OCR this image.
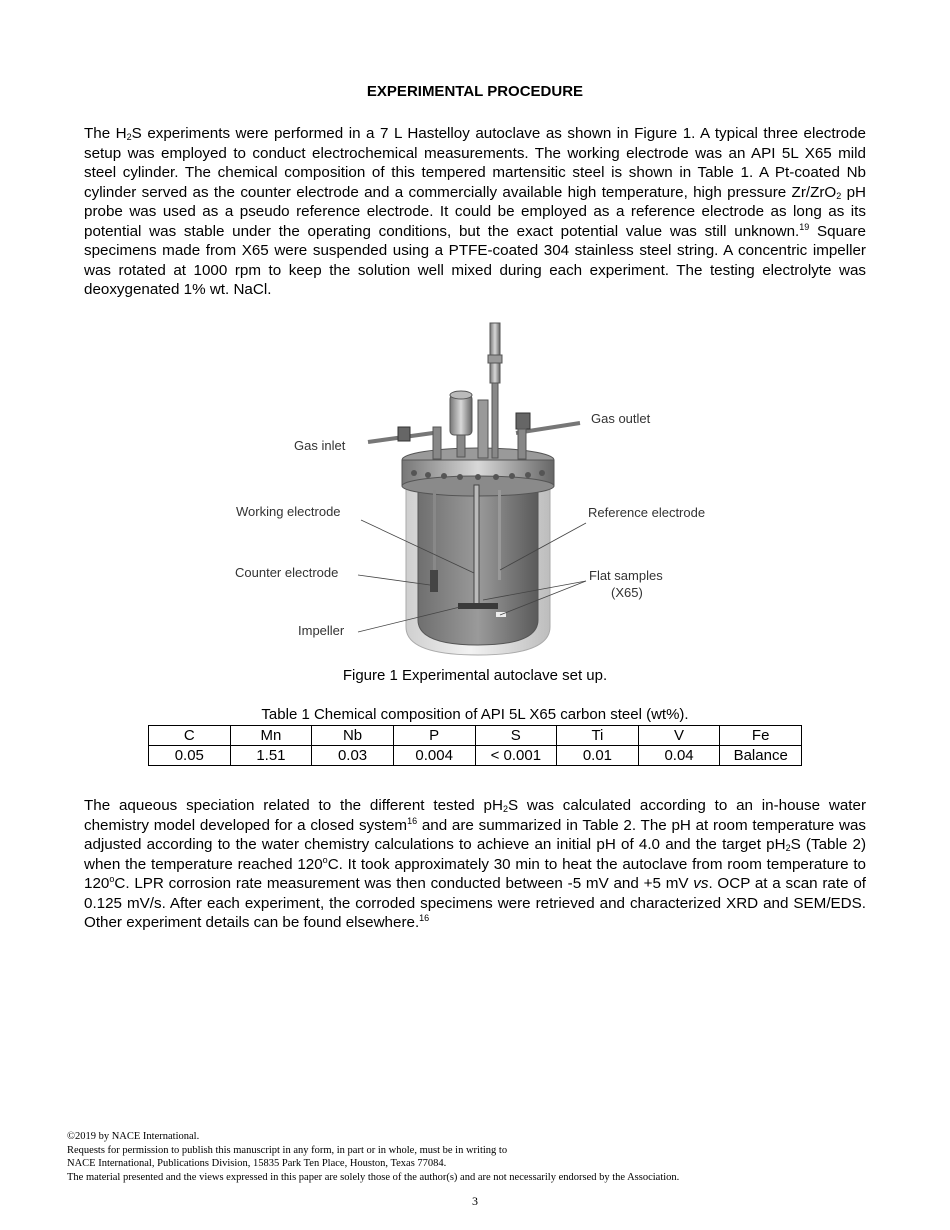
EXPERIMENTAL PROCEDURE

The $H_2S$ experiments were performed in a 7 L Hastelloy autoclave as shown in Figure 1. A typical three electrode setup was employed to conduct electrochemical measurements. The working electrode was an API 5L X65 mild steel cylinder. The chemical composition of this tempered martensitic steel is shown in Table 1. A Pt-coated Nb cylinder served as the counter electrode and a commercially available high temperature, high pressure Zr/ZrO$_2$ pH probe was used as a pseudo reference electrode. It could be employed as a reference electrode as long as its potential was stable under the operating conditions, but the exact potential value was still unknown.$^{19}$ Square specimens made from X65 were suspended using a PTFE-coated 304 stainless steel string. A concentric impeller was rotated at 1000 rpm to keep the solution well mixed during each experiment. The testing electrolyte was deoxygenated 1% wt. NaCl.

Gas inlet
Gas outlet
Working electrode	Reference electrode
Counter electrode	Flat samples
(X65)
Impeller
Figure 1 Experimental autoclave set up.
Table 1 Chemical composition of API 5L X65 carbon steel (wt%).
C	Mn	Nb	P	S	Ti	V	Fe
0.05	1.51	0.03	0.004	< 0.001	0.01	0.04	Balance

The aqueous speciation related to the different tested $pH_2S$ was calculated according to an in-house water chemistry model developed for a closed system$^{16}$ and are summarized in Table 2. The pH at room temperature was adjusted according to the water chemistry calculations to achieve an initial pH of 4.0 and the target $pH_2S$ (Table 2) when the temperature reached 120$^o$C. It took approximately 30 min to heat the autoclave from room temperature to 120$^o$C. LPR corrosion rate measurement was then conducted between -5 mV and +5 mV vs. OCP at a scan rate of 0.125 mV/s. After each experiment, the corroded specimens were retrieved and characterized XRD and SEM/EDS. Other experiment details can be found elsewhere.$^{16}$

©2019 by NACE International.
Requests for permission to publish this manuscript in any form, in part or in whole, must be in writing to
NACE International, Publications Division, 15835 Park Ten Place, Houston, Texas 77084.
The material presented and the views expressed in this paper are solely those of the author(s) and are not necessarily endorsed by the Association.
3
